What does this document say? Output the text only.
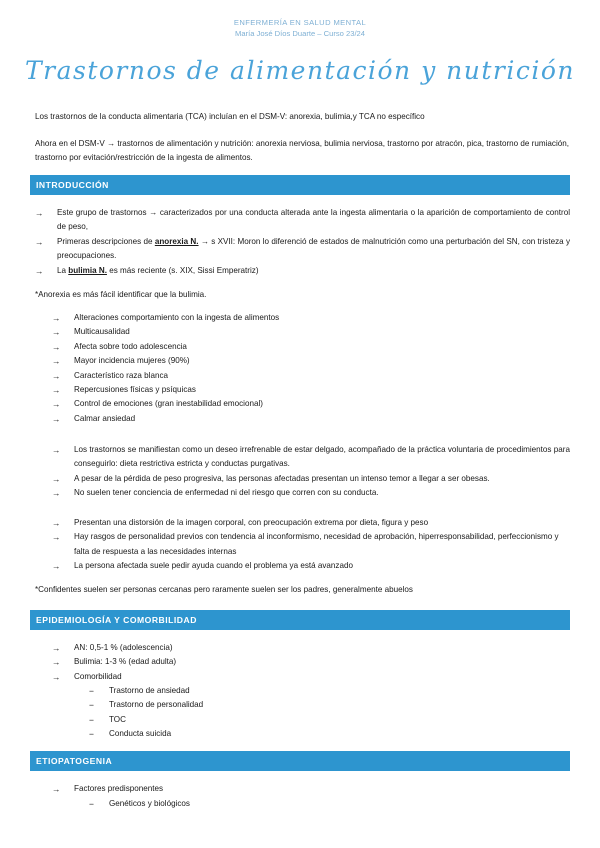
ENFERMERÍA EN SALUD MENTAL
María José Díos Duarte – Curso 23/24
Trastornos de alimentación y nutrición
Los trastornos de la conducta alimentaria (TCA) incluían en el DSM-V: anorexia, bulimia,y TCA no específico
Ahora en el DSM-V → trastornos de alimentación y nutrición: anorexia nerviosa, bulimia nerviosa, trastorno por atracón, pica, trastorno de rumiación, trastorno por evitación/restricción de la ingesta de alimentos.
INTRODUCCIÓN
→	Este grupo de trastornos → caracterizados por una conducta alterada ante la ingesta alimentaria o la aparición de comportamiento de control de peso,
→	Primeras descripciones de anorexia N. → s XVII: Moron lo diferenció de estados de malnutrición como una perturbación del SN, con tristeza y preocupaciones.
→	La bulimia N. es más reciente (s. XIX, Sissi Emperatriz)
*Anorexia es más fácil identificar que la bulimia.
→	Alteraciones comportamiento con la ingesta de alimentos
→	Multicausalidad
→	Afecta sobre todo adolescencia
→	Mayor incidencia mujeres (90%)
→	Característico raza blanca
→	Repercusiones físicas y psíquicas
→	Control de emociones (gran inestabilidad emocional)
→	Calmar ansiedad
→	Los trastornos se manifiestan como un deseo irrefrenable de estar delgado, acompañado de la práctica voluntaria de procedimientos para conseguirlo: dieta restrictiva estricta y conductas purgativas.
→	A pesar de la pérdida de peso progresiva, las personas afectadas presentan un intenso temor a llegar a ser obesas.
→	No suelen tener conciencia de enfermedad ni del riesgo que corren con su conducta.
→	Presentan una distorsión de la imagen corporal, con preocupación extrema por dieta, figura y peso
→	Hay rasgos de personalidad previos con tendencia al inconformismo, necesidad de aprobación, hiperresponsabilidad, perfeccionismo y falta de respuesta a las necesidades internas
→	La persona afectada suele pedir ayuda cuando el problema ya está avanzado
*Confidentes suelen ser personas cercanas pero raramente suelen ser los padres, generalmente abuelos
EPIDEMIOLOGÍA Y COMORBILIDAD
→	AN: 0,5-1 % (adolescencia)
→	Bulimia: 1-3 % (edad adulta)
→	Comorbilidad
−	Trastorno de ansiedad
−	Trastorno de personalidad
−	TOC
−	Conducta suicida
ETIOPATOGENIA
→	Factores predisponentes
−	Genéticos y biológicos
